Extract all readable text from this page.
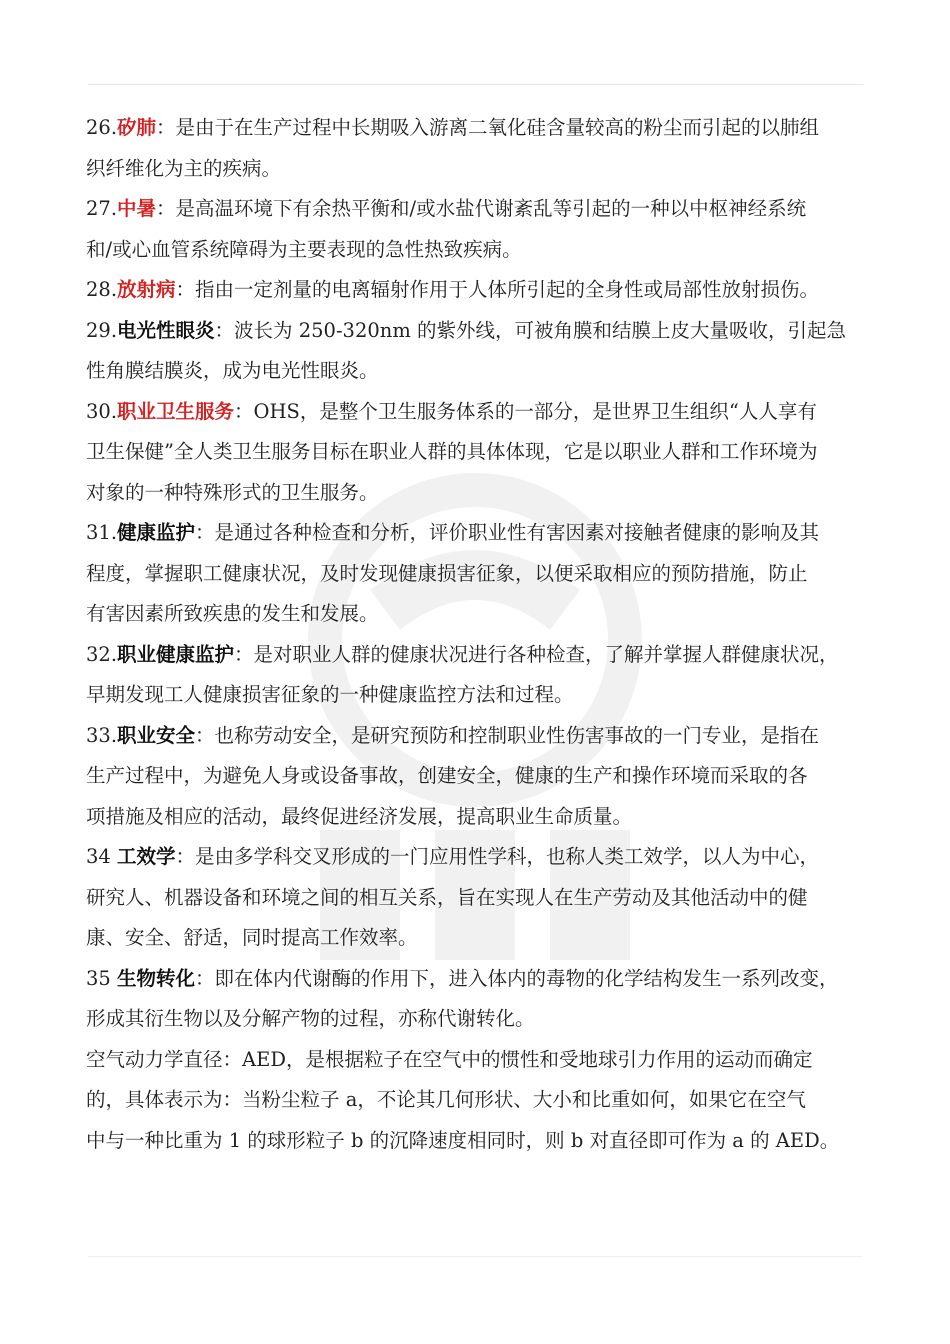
26.矽肺：是由于在生产过程中长期吸入游离二氧化硅含量较高的粉尘而引起的以肺组
织纤维化为主的疾病。

27.中暑：是高温环境下有余热平衡和/或水盐代谢紊乱等引起的一种以中枢神经系统
和/或心血管系统障碍为主要表现的急性热致疾病。

28.放射病：指由一定剂量的电离辐射作用于人体所引起的全身性或局部性放射损伤。

29.电光性眼炎：波长为 250-320nm 的紫外线，可被角膜和结膜上皮大量吸收，引起急
性角膜结膜炎，成为电光性眼炎。

30.职业卫生服务：OHS，是整个卫生服务体系的一部分，是世界卫生组织“人人享有
卫生保健”全人类卫生服务目标在职业人群的具体体现，它是以职业人群和工作环境为
对象的一种特殊形式的卫生服务。

31.健康监护：是通过各种检查和分析，评价职业性有害因素对接触者健康的影响及其
程度，掌握职工健康状况，及时发现健康损害征象，以便采取相应的预防措施，防止
有害因素所致疾患的发生和发展。

32.职业健康监护：是对职业人群的健康状况进行各种检查，了解并掌握人群健康状况，
早期发现工人健康损害征象的一种健康监控方法和过程。

33.职业安全：也称劳动安全，是研究预防和控制职业性伤害事故的一门专业，是指在
生产过程中，为避免人身或设备事故，创建安全，健康的生产和操作环境而采取的各
项措施及相应的活动，最终促进经济发展，提高职业生命质量。

34 工效学：是由多学科交叉形成的一门应用性学科，也称人类工效学，以人为中心，
研究人、机器设备和环境之间的相互关系，旨在实现人在生产劳动及其他活动中的健
康、安全、舒适，同时提高工作效率。

35 生物转化：即在体内代谢酶的作用下，进入体内的毒物的化学结构发生一系列改变，
形成其衍生物以及分解产物的过程，亦称代谢转化。

空气动力学直径：AED，是根据粒子在空气中的惯性和受地球引力作用的运动而确定
的，具体表示为：当粉尘粒子 a，不论其几何形状、大小和比重如何，如果它在空气
中与一种比重为 1 的球形粒子 b 的沉降速度相同时，则 b 对直径即可作为 a 的 AED。
